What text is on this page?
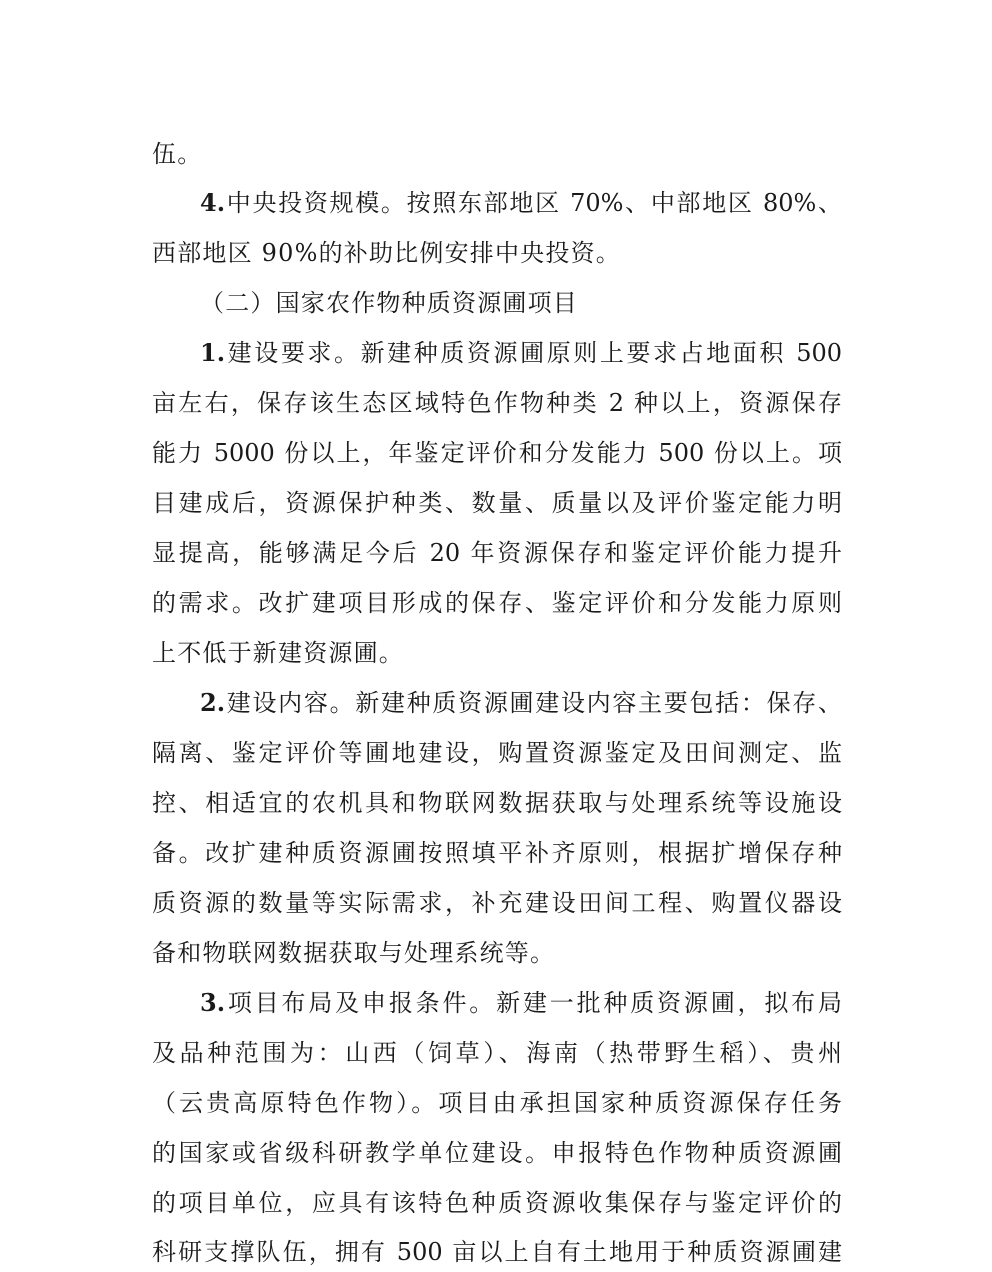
伍。
4.中央投资规模。按照东部地区 70%、中部地区 80%、
西部地区 90%的补助比例安排中央投资。
（二）国家农作物种质资源圃项目
1.建设要求。新建种质资源圃原则上要求占地面积 500
亩左右，保存该生态区域特色作物种类 2 种以上，资源保存
能力 5000 份以上，年鉴定评价和分发能力 500 份以上。项
目建成后，资源保护种类、数量、质量以及评价鉴定能力明
显提高，能够满足今后 20 年资源保存和鉴定评价能力提升
的需求。改扩建项目形成的保存、鉴定评价和分发能力原则
上不低于新建资源圃。
2.建设内容。新建种质资源圃建设内容主要包括：保存、
隔离、鉴定评价等圃地建设，购置资源鉴定及田间测定、监
控、相适宜的农机具和物联网数据获取与处理系统等设施设
备。改扩建种质资源圃按照填平补齐原则，根据扩增保存种
质资源的数量等实际需求，补充建设田间工程、购置仪器设
备和物联网数据获取与处理系统等。
3.项目布局及申报条件。新建一批种质资源圃，拟布局
及品种范围为：山西（饲草）、海南（热带野生稻）、贵州
（云贵高原特色作物）。项目由承担国家种质资源保存任务
的国家或省级科研教学单位建设。申报特色作物种质资源圃
的项目单位，应具有该特色种质资源收集保存与鉴定评价的
科研支撑队伍，拥有 500 亩以上自有土地用于种质资源圃建
